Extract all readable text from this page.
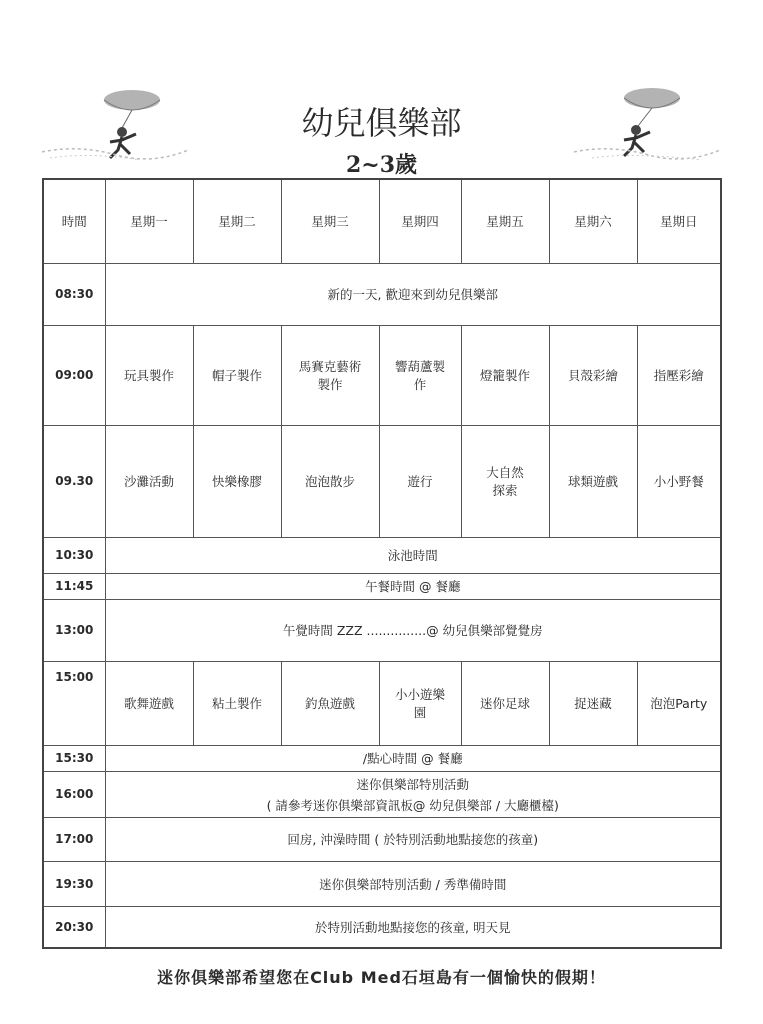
幼兒俱樂部
2~3歲
時間	星期一	星期二	星期三	星期四	星期五	星期六	星期日
08:30	新的一天, 歡迎來到幼兒俱樂部						
09:00	玩具製作	帽子製作	馬賽克藝術製作	響葫蘆製作	燈籠製作	貝殼彩繪	指壓彩繪
09.30	沙灘活動	快樂橡膠	泡泡散步	遊行	大自然探索	球類遊戲	小小野餐
10:30	泳池時間						
11:45	午餐時間 @ 餐廳						
13:00	午覺時間 ZZZ ...............@ 幼兒俱樂部覺覺房						
15:00	歌舞遊戲	粘土製作	釣魚遊戲	小小遊樂園	迷你足球	捉迷藏	泡泡Party
15:30	/點心時間 @ 餐廳						
16:00	迷你俱樂部特別活動
( 請參考迷你俱樂部資訊板@ 幼兒俱樂部 / 大廳櫃檯)						

17:00	回房, 沖澡時間 ( 於特別活動地點接您的孩童)						
19:30	迷你俱樂部特別活動 / 秀準備時間						
20:30	於特別活動地點接您的孩童, 明天見						
迷你俱樂部希望您在Club Med石垣島有一個愉快的假期！
